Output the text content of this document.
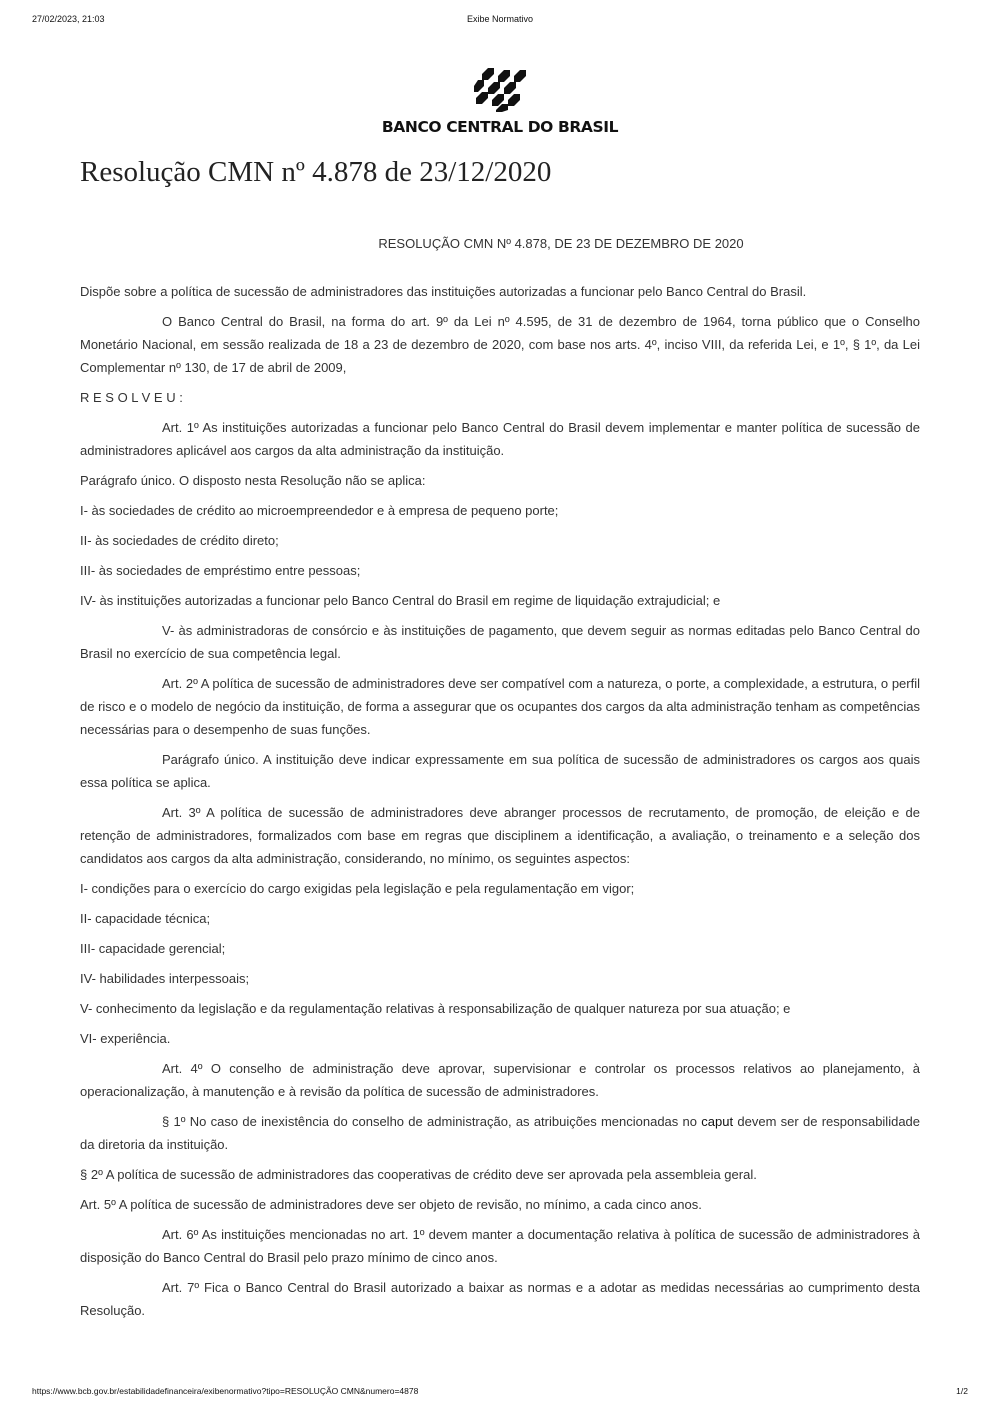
27/02/2023, 21:03	Exibe Normativo
BANCO CENTRAL DO BRASIL
Resolução CMN nº 4.878 de 23/12/2020

RESOLUÇÃO CMN Nº 4.878, DE 23 DE DEZEMBRO DE 2020

Dispõe sobre a política de sucessão de administradores das instituições autorizadas a funcionar pelo Banco Central do Brasil.

O Banco Central do Brasil, na forma do art. 9º da Lei nº 4.595, de 31 de dezembro de 1964, torna público que o Conselho Monetário Nacional, em sessão realizada de 18 a 23 de dezembro de 2020, com base nos arts. 4º, inciso VIII, da referida Lei, e 1º, § 1º, da Lei Complementar nº 130, de 17 de abril de 2009,

R E S O L V E U :

Art. 1º As instituições autorizadas a funcionar pelo Banco Central do Brasil devem implementar e manter política de sucessão de administradores aplicável aos cargos da alta administração da instituição.

Parágrafo único. O disposto nesta Resolução não se aplica:

I- às sociedades de crédito ao microempreendedor e à empresa de pequeno porte;

II- às sociedades de crédito direto;

III- às sociedades de empréstimo entre pessoas;

IV- às instituições autorizadas a funcionar pelo Banco Central do Brasil em regime de liquidação extrajudicial; e

V- às administradoras de consórcio e às instituições de pagamento, que devem seguir as normas editadas pelo Banco Central do Brasil no exercício de sua competência legal.

Art. 2º A política de sucessão de administradores deve ser compatível com a natureza, o porte, a complexidade, a estrutura, o perfil de risco e o modelo de negócio da instituição, de forma a assegurar que os ocupantes dos cargos da alta administração tenham as competências necessárias para o desempenho de suas funções.

Parágrafo único. A instituição deve indicar expressamente em sua política de sucessão de administradores os cargos aos quais essa política se aplica.

Art. 3º A política de sucessão de administradores deve abranger processos de recrutamento, de promoção, de eleição e de retenção de administradores, formalizados com base em regras que disciplinem a identificação, a avaliação, o treinamento e a seleção dos candidatos aos cargos da alta administração, considerando, no mínimo, os seguintes aspectos:

I- condições para o exercício do cargo exigidas pela legislação e pela regulamentação em vigor;

II- capacidade técnica;

III- capacidade gerencial;

IV- habilidades interpessoais;

V- conhecimento da legislação e da regulamentação relativas à responsabilização de qualquer natureza por sua atuação; e

VI- experiência.

Art. 4º O conselho de administração deve aprovar, supervisionar e controlar os processos relativos ao planejamento, à operacionalização, à manutenção e à revisão da política de sucessão de administradores.

§ 1º No caso de inexistência do conselho de administração, as atribuições mencionadas no caput devem ser de responsabilidade da diretoria da instituição.

§ 2º A política de sucessão de administradores das cooperativas de crédito deve ser aprovada pela assembleia geral.

Art. 5º A política de sucessão de administradores deve ser objeto de revisão, no mínimo, a cada cinco anos.

Art. 6º As instituições mencionadas no art. 1º devem manter a documentação relativa à política de sucessão de administradores à disposição do Banco Central do Brasil pelo prazo mínimo de cinco anos.

Art. 7º Fica o Banco Central do Brasil autorizado a baixar as normas e a adotar as medidas necessárias ao cumprimento desta Resolução.

https://www.bcb.gov.br/estabilidadefinanceira/exibenormativo?tipo=RESOLUÇÃO CMN&numero=4878	1/2
